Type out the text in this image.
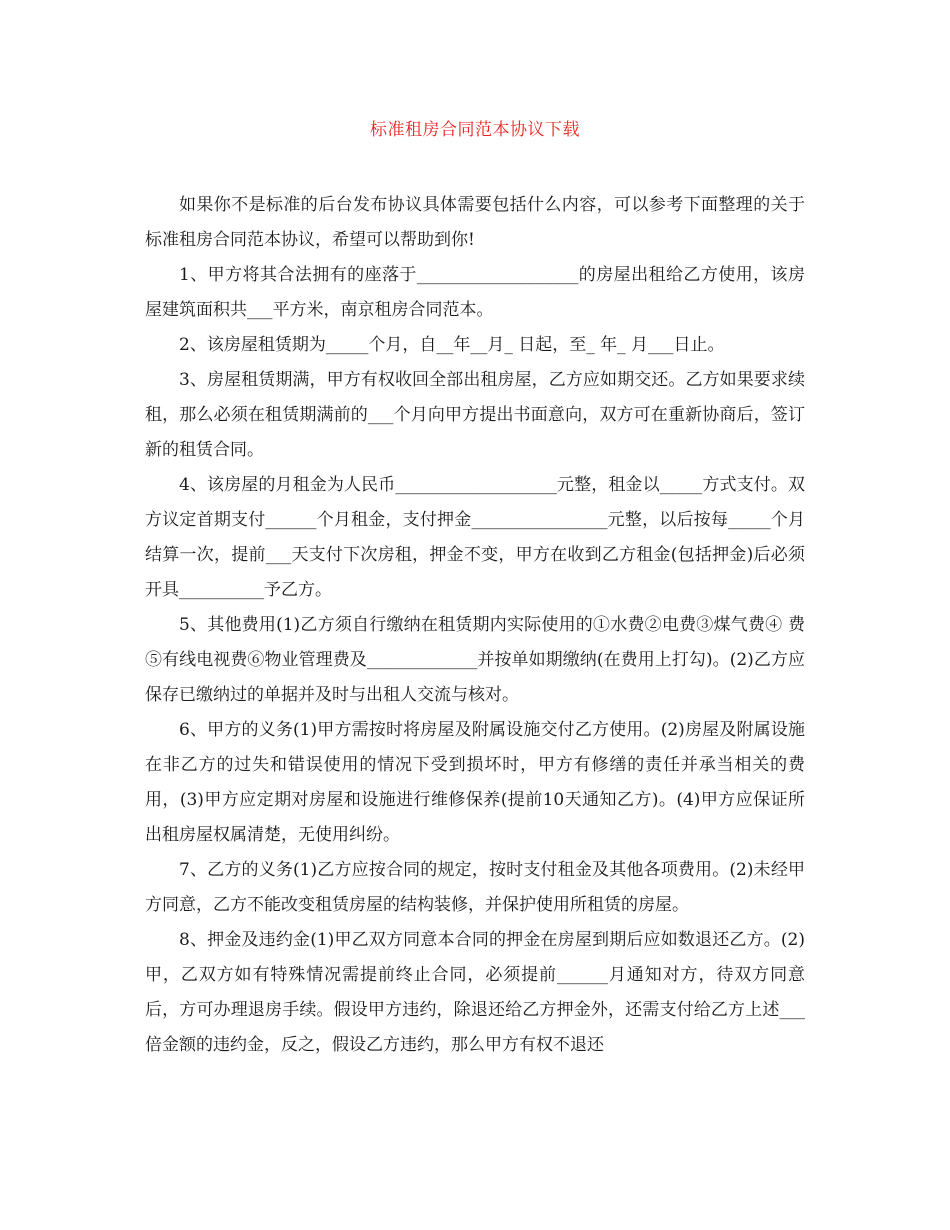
标准租房合同范本协议下载

如果你不是标准的后台发布协议具体需要包括什么内容，可以参考下面整理的关于标准租房合同范本协议，希望可以帮助到你!

1、甲方将其合法拥有的座落于___________________的房屋出租给乙方使用，该房屋建筑面积共___平方米，南京租房合同范本。

2、该房屋租赁期为_____个月，自__年__月_ 日起，至_ 年_ 月___日止。

3、房屋租赁期满，甲方有权收回全部出租房屋，乙方应如期交还。乙方如果要求续租，那么必须在租赁期满前的___个月向甲方提出书面意向，双方可在重新协商后，签订新的租赁合同。

4、该房屋的月租金为人民币___________________元整，租金以_____方式支付。双方议定首期支付______个月租金，支付押金________________元整，以后按每_____个月结算一次，提前___天支付下次房租，押金不变，甲方在收到乙方租金(包括押金)后必须开具__________予乙方。

5、其他费用(1)乙方须自行缴纳在租赁期内实际使用的①水费②电费③煤气费④ 费⑤有线电视费⑥物业管理费及_____________并按单如期缴纳(在费用上打勾)。(2)乙方应保存已缴纳过的单据并及时与出租人交流与核对。

6、甲方的义务(1)甲方需按时将房屋及附属设施交付乙方使用。(2)房屋及附属设施在非乙方的过失和错误使用的情况下受到损坏时，甲方有修缮的责任并承当相关的费用，(3)甲方应定期对房屋和设施进行维修保养(提前10天通知乙方)。(4)甲方应保证所出租房屋权属清楚，无使用纠纷。

7、乙方的义务(1)乙方应按合同的规定，按时支付租金及其他各项费用。(2)未经甲方同意，乙方不能改变租赁房屋的结构装修，并保护使用所租赁的房屋。

8、押金及违约金(1)甲乙双方同意本合同的押金在房屋到期后应如数退还乙方。(2)甲，乙双方如有特殊情况需提前终止合同，必须提前______月通知对方，待双方同意后，方可办理退房手续。假设甲方违约，除退还给乙方押金外，还需支付给乙方上述___倍金额的违约金，反之，假设乙方违约，那么甲方有权不退还
